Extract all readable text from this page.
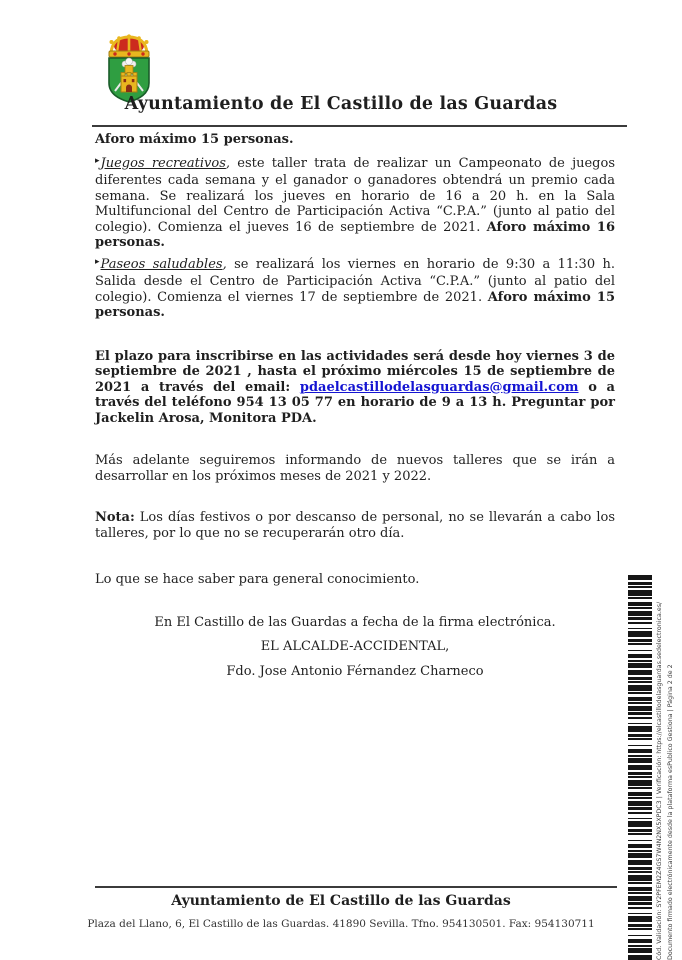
Ayuntamiento de El Castillo de las Guardas

Aforo máximo 15 personas.

▸Juegos recreativos, este taller trata de realizar un Campeonato de juegos diferentes cada semana y el ganador o ganadores obtendrá un premio cada semana. Se realizará los jueves en horario de 16 a 20 h. en la Sala Multifuncional del Centro de Participación Activa “C.P.A.” (junto al patio del colegio). Comienza el jueves 16 de septiembre de 2021. Aforo máximo 16 personas.

▸Paseos saludables, se realizará los viernes en horario de 9:30 a 11:30 h. Salida desde el Centro de Participación Activa “C.P.A.” (junto al patio del colegio). Comienza el viernes 17 de septiembre de 2021. Aforo máximo 15 personas.

El plazo para inscribirse en las actividades será desde hoy viernes 3 de septiembre de 2021 , hasta el próximo miércoles 15 de septiembre de 2021 a través del email: pdaelcastillodelasguardas@gmail.com o a través del teléfono 954 13 05 77 en horario de 9 a 13 h. Preguntar por Jackelin Arosa, Monitora PDA.

Más adelante seguiremos informando de nuevos talleres que se irán a desarrollar en los próximos meses de 2021 y 2022.

Nota: Los días festivos o por descanso de personal, no se llevarán a cabo los talleres, por lo que no se recuperarán otro día.

Lo que se hace saber para general conocimiento.

En El Castillo de las Guardas a fecha de la firma electrónica.

EL ALCALDE-ACCIDENTAL,

Fdo. Jose Antonio Férnandez Charneco

Ayuntamiento de El Castillo de las Guardas
Plaza del Llano, 6, El Castillo de las Guardas. 41890 Sevilla. Tfno. 954130501. Fax: 954130711	Cód. Validación: SY2PFEM2Z4GS7W4N2NX5XPDC3 | Verificación: https://elcastillodelasguardas.sedelectronica.es/ Documento firmado electrónicamente desde la plataforma esPublico Gestiona | Página 2 de 2
